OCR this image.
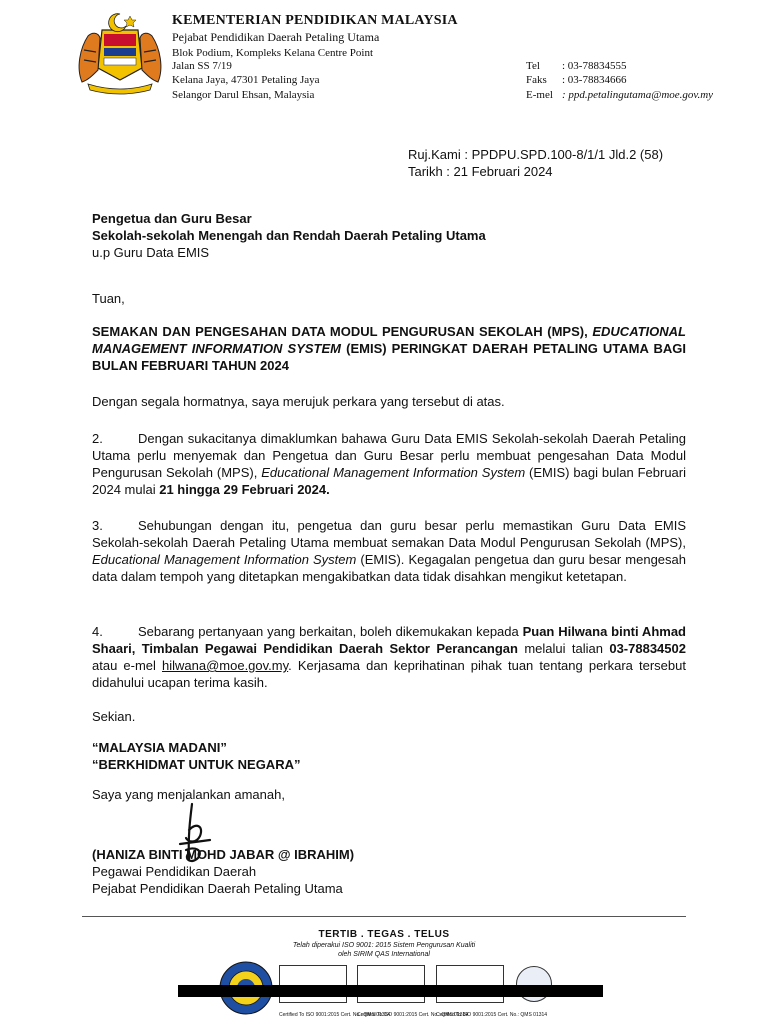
KEMENTERIAN PENDIDIKAN MALAYSIA
Pejabat Pendidikan Daerah Petaling Utama
Blok Podium, Kompleks Kelana Centre Point
Jalan SS 7/19
Kelana Jaya, 47301 Petaling Jaya
Selangor Darul Ehsan, Malaysia
Tel : 03-78834555
Faks : 03-78834666
E-mel : ppd.petalingutama@moe.gov.my
Ruj.Kami : PPDPU.SPD.100-8/1/1 Jld.2 (58)
Tarikh : 21 Februari 2024
Pengetua dan Guru Besar
Sekolah-sekolah Menengah dan Rendah Daerah Petaling Utama
u.p Guru Data EMIS
Tuan,
SEMAKAN DAN PENGESAHAN DATA MODUL PENGURUSAN SEKOLAH (MPS), EDUCATIONAL MANAGEMENT INFORMATION SYSTEM (EMIS) PERINGKAT DAERAH PETALING UTAMA BAGI BULAN FEBRUARI TAHUN 2024
Dengan segala hormatnya, saya merujuk perkara yang tersebut di atas.
2.	Dengan sukacitanya dimaklumkan bahawa Guru Data EMIS Sekolah-sekolah Daerah Petaling Utama perlu menyemak dan Pengetua dan Guru Besar perlu membuat pengesahan Data Modul Pengurusan Sekolah (MPS), Educational Management Information System (EMIS) bagi bulan Februari 2024 mulai 21 hingga 29 Februari 2024.
3.	Sehubungan dengan itu, pengetua dan guru besar perlu memastikan Guru Data EMIS Sekolah-sekolah Daerah Petaling Utama membuat semakan Data Modul Pengurusan Sekolah (MPS), Educational Management Information System (EMIS). Kegagalan pengetua dan guru besar mengesah data dalam tempoh yang ditetapkan mengakibatkan data tidak disahkan mengikut ketetapan.
4.	Sebarang pertanyaan yang berkaitan, boleh dikemukakan kepada Puan Hilwana binti Ahmad Shaari, Timbalan Pegawai Pendidikan Daerah Sektor Perancangan melalui talian 03-78834502 atau e-mel hilwana@moe.gov.my. Kerjasama dan keprihatinan pihak tuan tentang perkara tersebut didahului ucapan terima kasih.
Sekian.
“MALAYSIA MADANI”
“BERKHIDMAT UNTUK NEGARA”
Saya yang menjalankan amanah,
(HANIZA BINTI MOHD JABAR @ IBRAHIM)
Pegawai Pendidikan Daerah
Pejabat Pendidikan Daerah Petaling Utama
TERTIB . TEGAS . TELUS
Telah diperakui ISO 9001: 2015 Sistem Pengurusan Kualiti
oleh SIRIM QAS International
Certified To ISO 9001:2015 Cert. No.: QMS 01314
Certified To ISO 9001:2015 Cert. No.: QMS 01314
Certified To ISO 9001:2015 Cert. No.: QMS 01314
